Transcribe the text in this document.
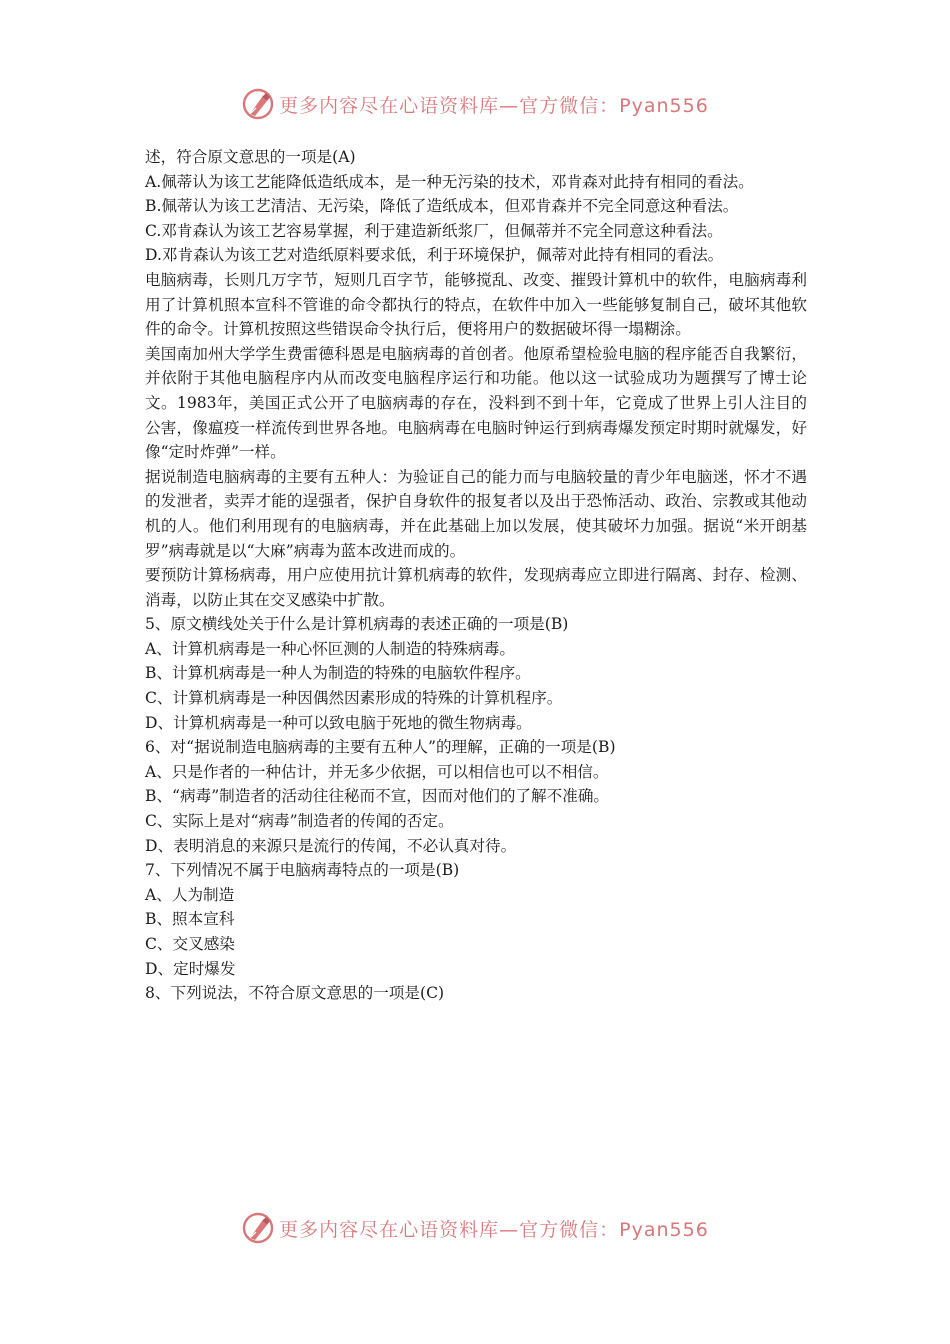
更多内容尽在心语资料库—官方微信：Pyan556

述，符合原文意思的一项是(A)

A.佩蒂认为该工艺能降低造纸成本，是一种无污染的技术，邓肯森对此持有相同的看法。

B.佩蒂认为该工艺清洁、无污染，降低了造纸成本，但邓肯森并不完全同意这种看法。

C.邓肯森认为该工艺容易掌握，利于建造新纸浆厂，但佩蒂并不完全同意这种看法。

D.邓肯森认为该工艺对造纸原料要求低，利于环境保护，佩蒂对此持有相同的看法。

电脑病毒，长则几万字节，短则几百字节，能够搅乱、改变、摧毁计算机中的软件，电脑病毒利用了计算机照本宣科不管谁的命令都执行的特点，在软件中加入一些能够复制自己，破坏其他软件的命令。计算机按照这些错误命令执行后，便将用户的数据破坏得一塌糊涂。

美国南加州大学学生费雷德科恩是电脑病毒的首创者。他原希望检验电脑的程序能否自我繁衍，并依附于其他电脑程序内从而改变电脑程序运行和功能。他以这一试验成功为题撰写了博士论文。1983年，美国正式公开了电脑病毒的存在，没料到不到十年，它竟成了世界上引人注目的公害，像瘟疫一样流传到世界各地。电脑病毒在电脑时钟运行到病毒爆发预定时期时就爆发，好像“定时炸弹”一样。

据说制造电脑病毒的主要有五种人：为验证自己的能力而与电脑较量的青少年电脑迷，怀才不遇的发泄者，卖弄才能的逞强者，保护自身软件的报复者以及出于恐怖活动、政治、宗教或其他动机的人。他们利用现有的电脑病毒，并在此基础上加以发展，使其破坏力加强。据说“米开朗基罗”病毒就是以“大麻”病毒为蓝本改进而成的。

要预防计算杨病毒，用户应使用抗计算机病毒的软件，发现病毒应立即进行隔离、封存、检测、消毒，以防止其在交叉感染中扩散。

5、原文横线处关于什么是计算机病毒的表述正确的一项是(B)

A、计算机病毒是一种心怀叵测的人制造的特殊病毒。

B、计算机病毒是一种人为制造的特殊的电脑软件程序。

C、计算机病毒是一种因偶然因素形成的特殊的计算机程序。

D、计算机病毒是一种可以致电脑于死地的微生物病毒。

6、对“据说制造电脑病毒的主要有五种人”的理解，正确的一项是(B)

A、只是作者的一种估计，并无多少依据，可以相信也可以不相信。

B、“病毒”制造者的活动往往秘而不宣，因而对他们的了解不准确。

C、实际上是对“病毒”制造者的传闻的否定。

D、表明消息的来源只是流行的传闻，不必认真对待。

7、下列情况不属于电脑病毒特点的一项是(B)

A、人为制造

B、照本宣科

C、交叉感染

D、定时爆发

8、下列说法，不符合原文意思的一项是(C)

更多内容尽在心语资料库—官方微信：Pyan556
